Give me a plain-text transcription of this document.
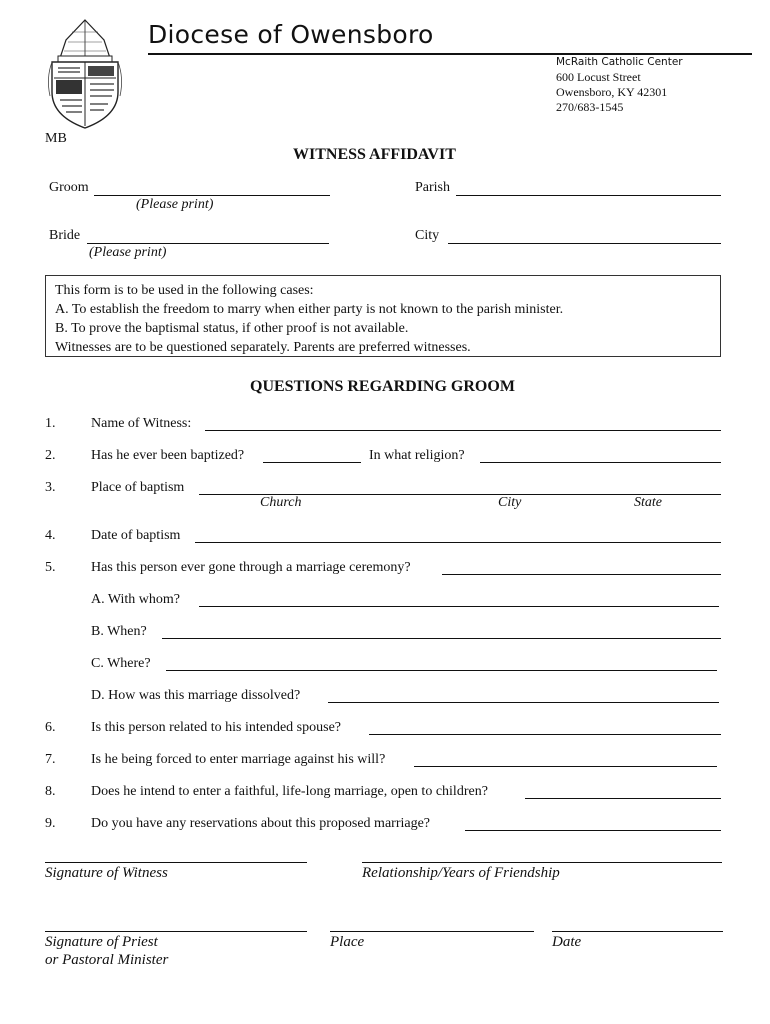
Diocese of Owensboro
McRaith Catholic Center
600 Locust Street
Owensboro, KY 42301
270/683-1545
MB
WITNESS AFFIDAVIT
Groom
(Please print)
Parish
Bride
(Please print)
City
This form is to be used in the following cases:
A. To establish the freedom to marry when either party is not known to the parish minister.
B. To prove the baptismal status, if other proof is not available.
Witnesses are to be questioned separately. Parents are preferred witnesses.
QUESTIONS REGARDING GROOM
1.	Name of Witness:
2.	Has he ever been baptized?	In what religion?
3.	Place of baptism
Church	City	State
4.	Date of baptism
5.	Has this person ever gone through a marriage ceremony?
A. With whom?
B. When?
C. Where?
D. How was this marriage dissolved?
6.	Is this person related to his intended spouse?
7.	Is he being forced to enter marriage against his will?
8.	Does he intend to enter a faithful, life-long marriage, open to children?
9.	Do you have any reservations about this proposed marriage?
Signature of Witness	Relationship/Years of Friendship
Signature of Priest
or Pastoral Minister
Place	Date
